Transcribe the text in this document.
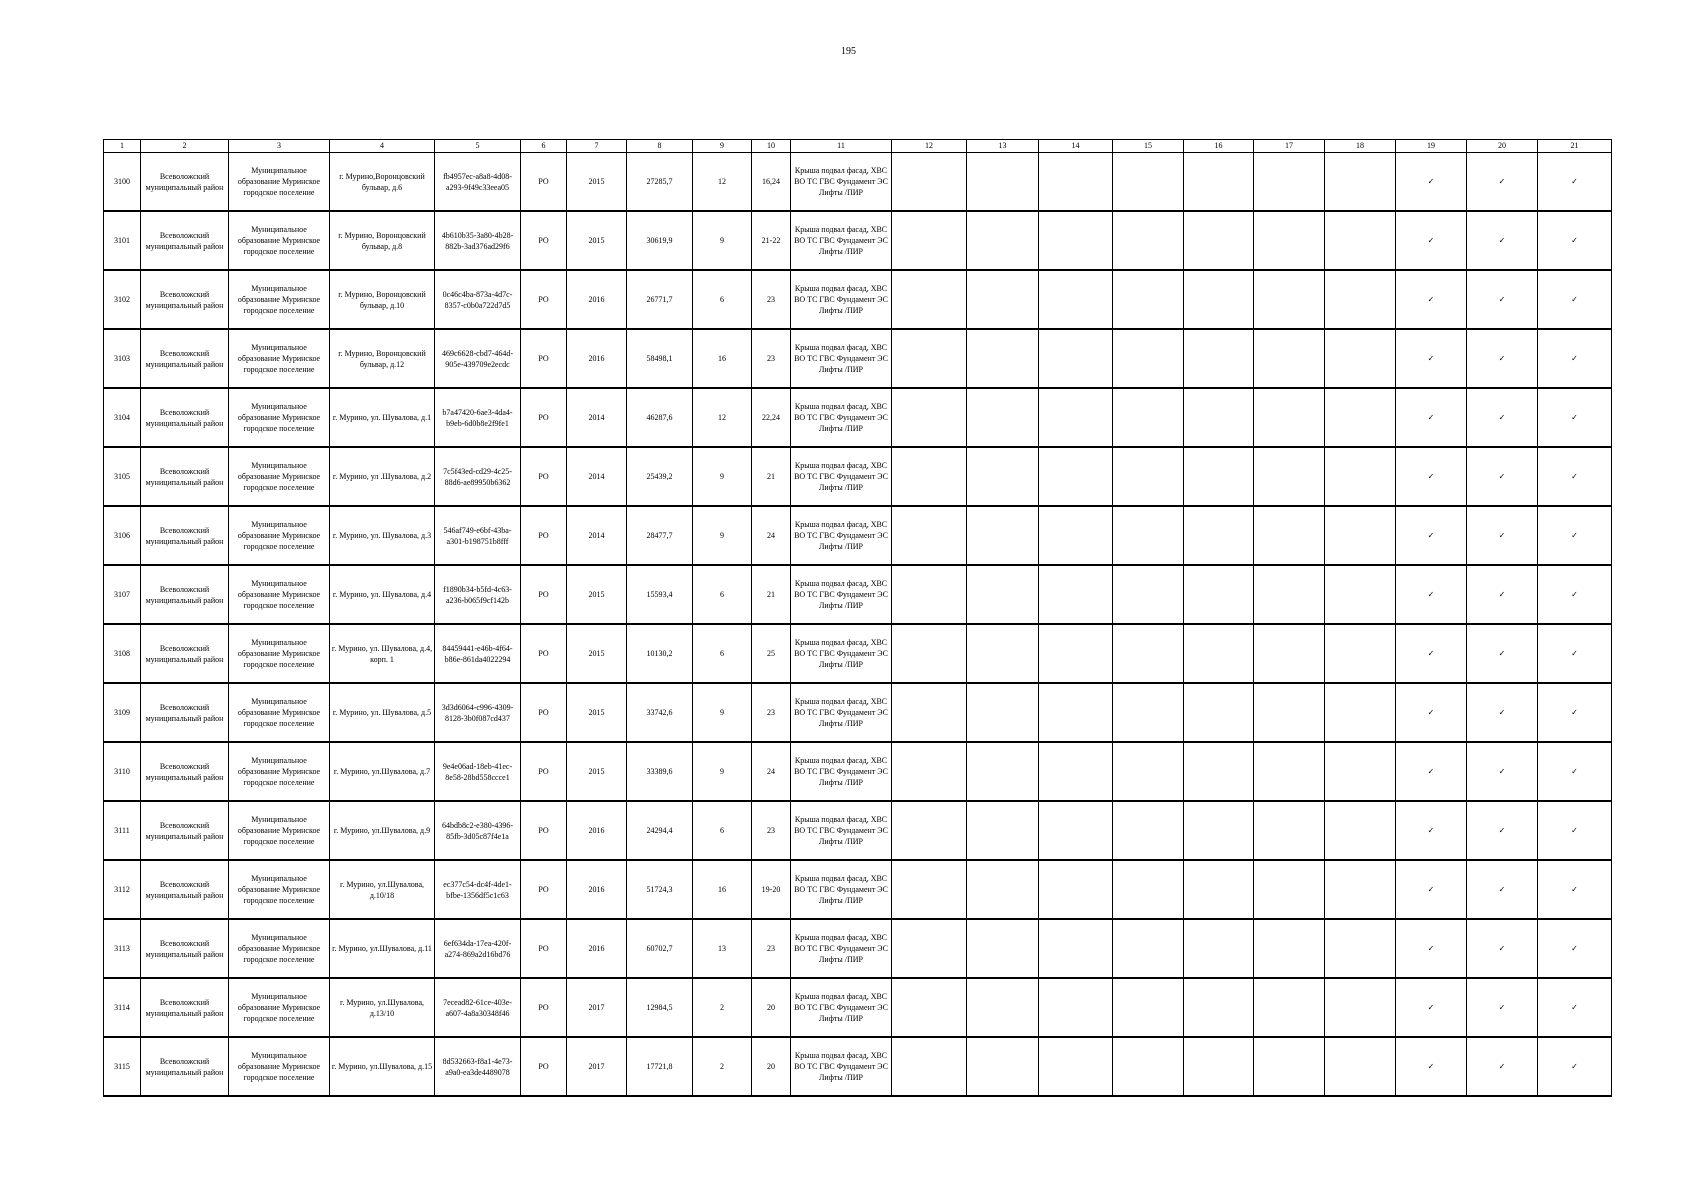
195
1	2	3	4	5	6	7	8	9	10	11	12	13	14	15	16	17	18	19	20	21
3100	Всеволожский муниципальный район	Муниципальное образование Муринское городское поселение	г. Мурино,Воронцовский бульвар, д.6	fb4957ec-a8a8-4d08-a293-9f49c33eea05	РО	2015	27285,7	12	16,24	Крыша подвал фасад, ХВС ВО ТС ГВС Фундамент ЭС Лифты /ПИР								✓	✓	✓
3101	Всеволожский муниципальный район	Муниципальное образование Муринское городское поселение	г. Мурино, Воронцовский бульвар, д.8	4b610b35-3a80-4b28-882b-3ad376ad29f6	РО	2015	30619,9	9	21-22	Крыша подвал фасад, ХВС ВО ТС ГВС Фундамент ЭС Лифты /ПИР								✓	✓	✓
3102	Всеволожский муниципальный район	Муниципальное образование Муринское городское поселение	г. Мурино, Воронцовский бульвар, д.10	0c46c4ba-873a-4d7c-8357-c0b0a722d7d5	РО	2016	26771,7	6	23	Крыша подвал фасад, ХВС ВО ТС ГВС Фундамент ЭС Лифты /ПИР								✓	✓	✓
3103	Всеволожский муниципальный район	Муниципальное образование Муринское городское поселение	г. Мурино, Воронцовский бульвар, д.12	469c6628-cbd7-464d-905e-439709e2ecdc	РО	2016	58498,1	16	23	Крыша подвал фасад, ХВС ВО ТС ГВС Фундамент ЭС Лифты /ПИР								✓	✓	✓
3104	Всеволожский муниципальный район	Муниципальное образование Муринское городское поселение	г. Мурино, ул. Шувалова, д.1	b7a47420-6ae3-4da4-b9eb-6d0b8e2f9fe1	РО	2014	46287,6	12	22,24	Крыша подвал фасад, ХВС ВО ТС ГВС Фундамент ЭС Лифты /ПИР								✓	✓	✓
3105	Всеволожский муниципальный район	Муниципальное образование Муринское городское поселение	г. Мурино, ул .Шувалова, д.2	7c5f43ed-cd29-4c25-88d6-ae89950b6362	РО	2014	25439,2	9	21	Крыша подвал фасад, ХВС ВО ТС ГВС Фундамент ЭС Лифты /ПИР								✓	✓	✓
3106	Всеволожский муниципальный район	Муниципальное образование Муринское городское поселение	г. Мурино, ул. Шувалова, д.3	546af749-e6bf-43ba-a301-b198751b8fff	РО	2014	28477,7	9	24	Крыша подвал фасад, ХВС ВО ТС ГВС Фундамент ЭС Лифты /ПИР								✓	✓	✓
3107	Всеволожский муниципальный район	Муниципальное образование Муринское городское поселение	г. Мурино, ул. Шувалова, д.4	f1890b34-b5fd-4c63-a236-b065f9cf142b	РО	2015	15593,4	6	21	Крыша подвал фасад, ХВС ВО ТС ГВС Фундамент ЭС Лифты /ПИР								✓	✓	✓
3108	Всеволожский муниципальный район	Муниципальное образование Муринское городское поселение	г. Мурино, ул. Шувалова, д.4, корп. 1	84459441-e46b-4f64-b86e-861da4022294	РО	2015	10130,2	6	25	Крыша подвал фасад, ХВС ВО ТС ГВС Фундамент ЭС Лифты /ПИР								✓	✓	✓
3109	Всеволожский муниципальный район	Муниципальное образование Муринское городское поселение	г. Мурино, ул. Шувалова, д.5	3d3d6064-c996-4309-8128-3b0f087cd437	РО	2015	33742,6	9	23	Крыша подвал фасад, ХВС ВО ТС ГВС Фундамент ЭС Лифты /ПИР								✓	✓	✓
3110	Всеволожский муниципальный район	Муниципальное образование Муринское городское поселение	г. Мурино, ул.Шувалова, д.7	9e4e06ad-18eb-41ec-8e58-28bd558ccce1	РО	2015	33389,6	9	24	Крыша подвал фасад, ХВС ВО ТС ГВС Фундамент ЭС Лифты /ПИР								✓	✓	✓
3111	Всеволожский муниципальный район	Муниципальное образование Муринское городское поселение	г. Мурино, ул.Шувалова, д.9	64bdb8c2-e380-4396-85fb-3d05c87f4e1a	РО	2016	24294,4	6	23	Крыша подвал фасад, ХВС ВО ТС ГВС Фундамент ЭС Лифты /ПИР								✓	✓	✓
3112	Всеволожский муниципальный район	Муниципальное образование Муринское городское поселение	г. Мурино, ул.Шувалова, д.10/18	ec377c54-dc4f-4de1-bfbe-1356df5c1c63	РО	2016	51724,3	16	19-20	Крыша подвал фасад, ХВС ВО ТС ГВС Фундамент ЭС Лифты /ПИР								✓	✓	✓
3113	Всеволожский муниципальный район	Муниципальное образование Муринское городское поселение	г. Мурино, ул.Шувалова, д.11	6ef634da-17ea-420f-a274-869a2d16bd76	РО	2016	60702,7	13	23	Крыша подвал фасад, ХВС ВО ТС ГВС Фундамент ЭС Лифты /ПИР								✓	✓	✓
3114	Всеволожский муниципальный район	Муниципальное образование Муринское городское поселение	г. Мурино, ул.Шувалова, д.13/10	7ecead82-61ce-403e-a607-4a8a30348f46	РО	2017	12984,5	2	20	Крыша подвал фасад, ХВС ВО ТС ГВС Фундамент ЭС Лифты /ПИР								✓	✓	✓
3115	Всеволожский муниципальный район	Муниципальное образование Муринское городское поселение	г. Мурино, ул.Шувалова, д.15	8d532663-f8a1-4e73-a9a0-ea3de4489078	РО	2017	17721,8	2	20	Крыша подвал фасад, ХВС ВО ТС ГВС Фундамент ЭС Лифты /ПИР								✓	✓	✓
